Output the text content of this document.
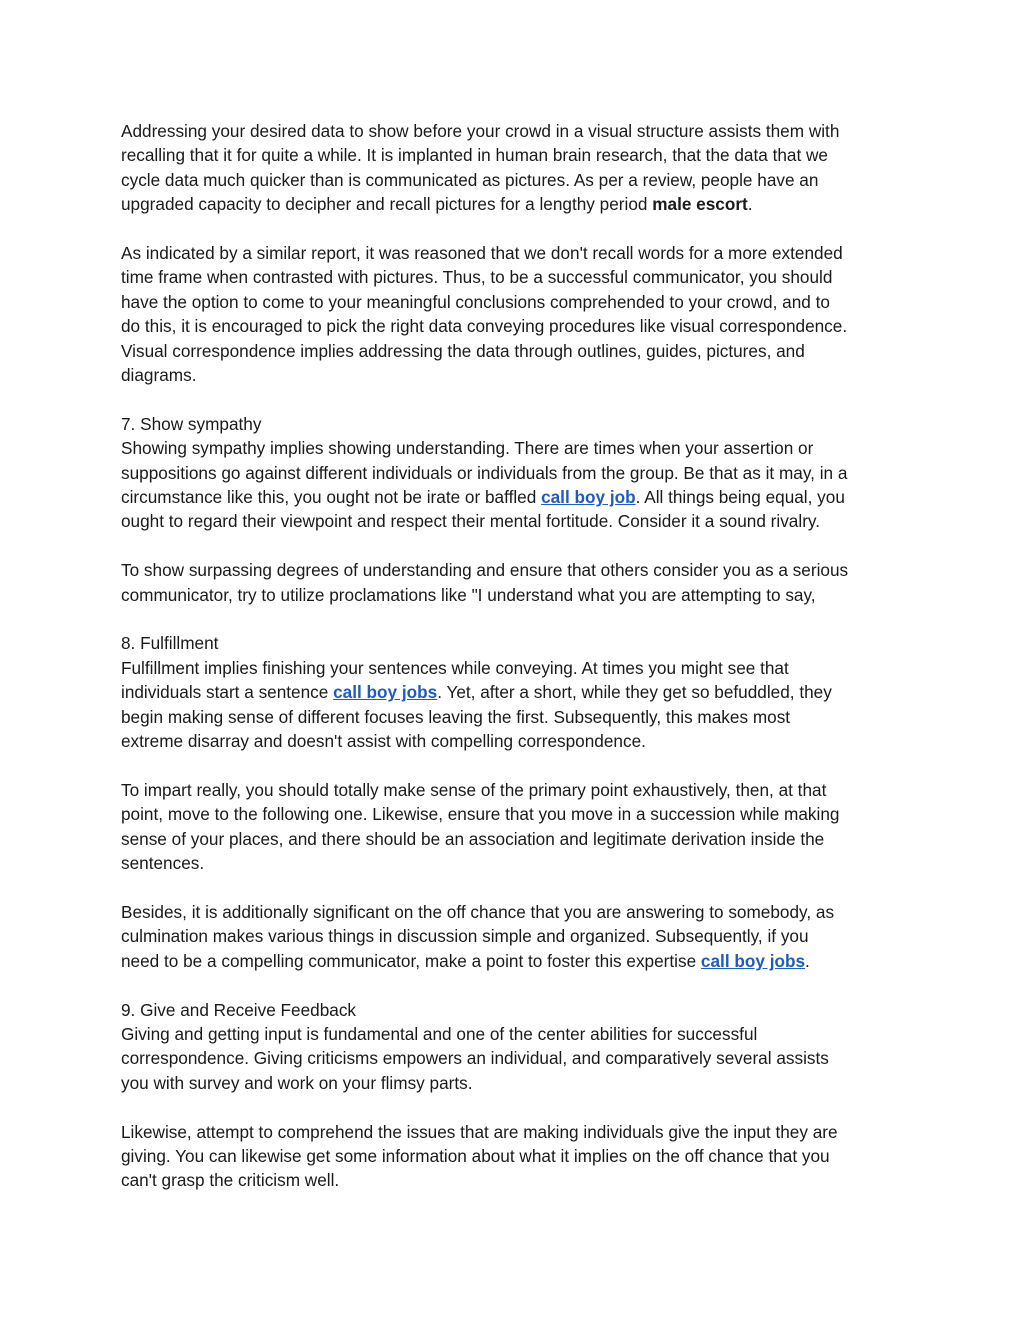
Addressing your desired data to show before your crowd in a visual structure assists them with
recalling that it for quite a while. It is implanted in human brain research, that the data that we
cycle data much quicker than is communicated as pictures. As per a review, people have an
upgraded capacity to decipher and recall pictures for a lengthy period male escort.

As indicated by a similar report, it was reasoned that we don't recall words for a more extended
time frame when contrasted with pictures. Thus, to be a successful communicator, you should
have the option to come to your meaningful conclusions comprehended to your crowd, and to
do this, it is encouraged to pick the right data conveying procedures like visual correspondence.
Visual correspondence implies addressing the data through outlines, guides, pictures, and
diagrams.

7. Show sympathy
Showing sympathy implies showing understanding. There are times when your assertion or
suppositions go against different individuals or individuals from the group. Be that as it may, in a
circumstance like this, you ought not be irate or baffled call boy job. All things being equal, you
ought to regard their viewpoint and respect their mental fortitude. Consider it a sound rivalry.

To show surpassing degrees of understanding and ensure that others consider you as a serious
communicator, try to utilize proclamations like "I understand what you are attempting to say,

8. Fulfillment
Fulfillment implies finishing your sentences while conveying. At times you might see that
individuals start a sentence call boy jobs. Yet, after a short, while they get so befuddled, they
begin making sense of different focuses leaving the first. Subsequently, this makes most
extreme disarray and doesn't assist with compelling correspondence.

To impart really, you should totally make sense of the primary point exhaustively, then, at that
point, move to the following one. Likewise, ensure that you move in a succession while making
sense of your places, and there should be an association and legitimate derivation inside the
sentences.

Besides, it is additionally significant on the off chance that you are answering to somebody, as
culmination makes various things in discussion simple and organized. Subsequently, if you
need to be a compelling communicator, make a point to foster this expertise call boy jobs.

9. Give and Receive Feedback
Giving and getting input is fundamental and one of the center abilities for successful
correspondence. Giving criticisms empowers an individual, and comparatively several assists
you with survey and work on your flimsy parts.

Likewise, attempt to comprehend the issues that are making individuals give the input they are
giving. You can likewise get some information about what it implies on the off chance that you
can't grasp the criticism well.
